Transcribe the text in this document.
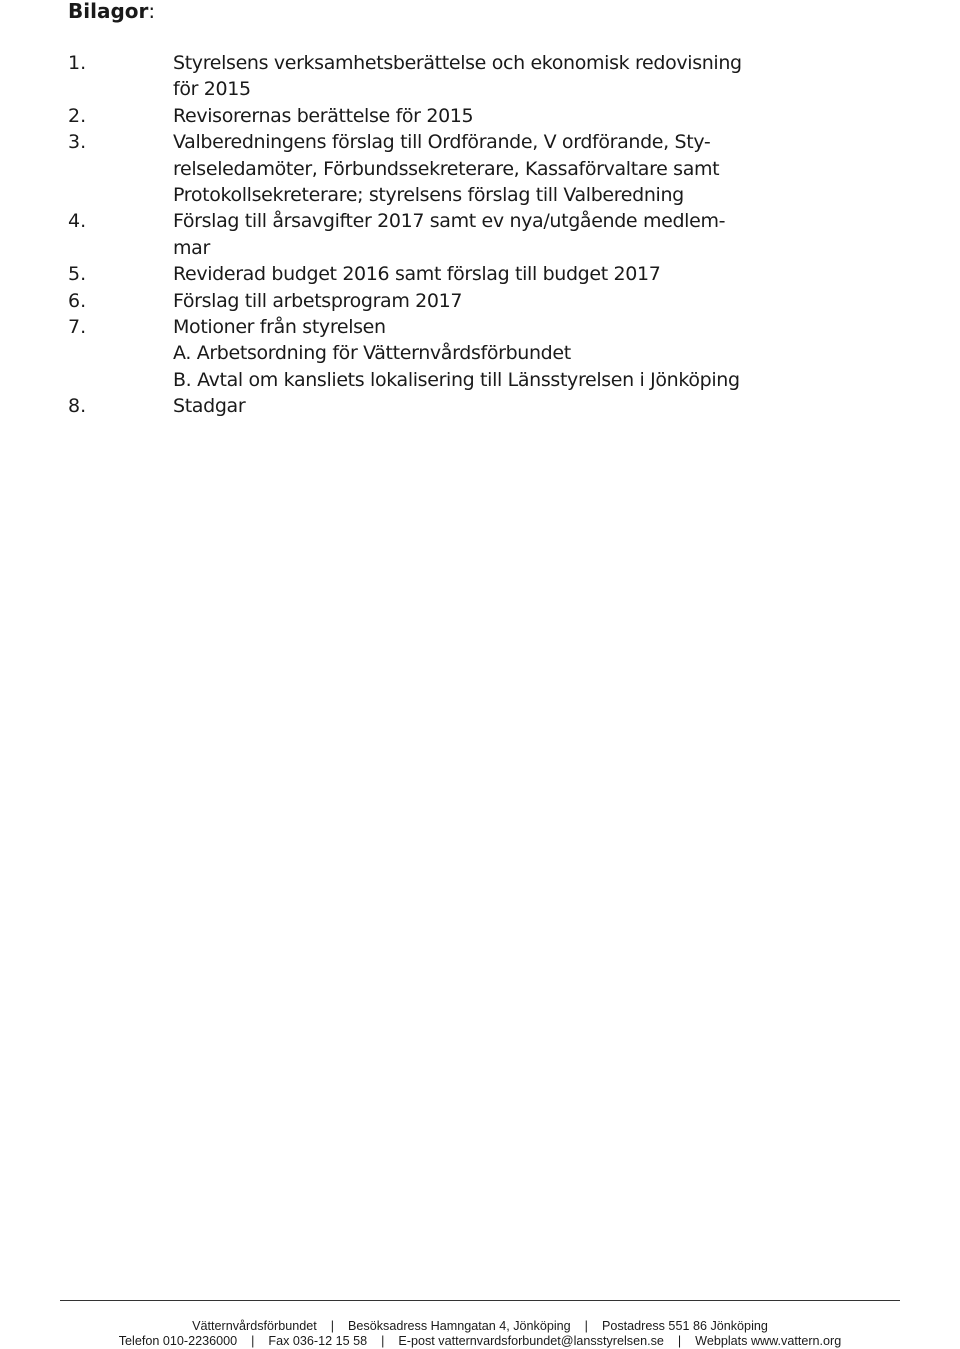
Bilagor:
1.	Styrelsens verksamhetsberättelse och ekonomisk redovisning
för 2015
2.	Revisorernas berättelse för 2015
3.	Valberedningens förslag till Ordförande, V ordförande, Sty-
relseledamöter, Förbundssekreterare, Kassaförvaltare samt
Protokollsekreterare; styrelsens förslag till Valberedning
4.	Förslag till årsavgifter 2017 samt ev nya/utgående medlem-
mar
5.	Reviderad budget 2016 samt förslag till budget 2017
6.	Förslag till arbetsprogram 2017
7.	Motioner från styrelsen
A. Arbetsordning för Vätternvårdsförbundet
B. Avtal om kansliets lokalisering till Länsstyrelsen i Jönköping
8.	Stadgar
Vätternvårdsförbundet | Besöksadress Hamngatan 4, Jönköping | Postadress 551 86 Jönköping
Telefon 010-2236000 | Fax 036-12 15 58 | E-post vatternvardsforbundet@lansstyrelsen.se | Webplats www.vattern.org
